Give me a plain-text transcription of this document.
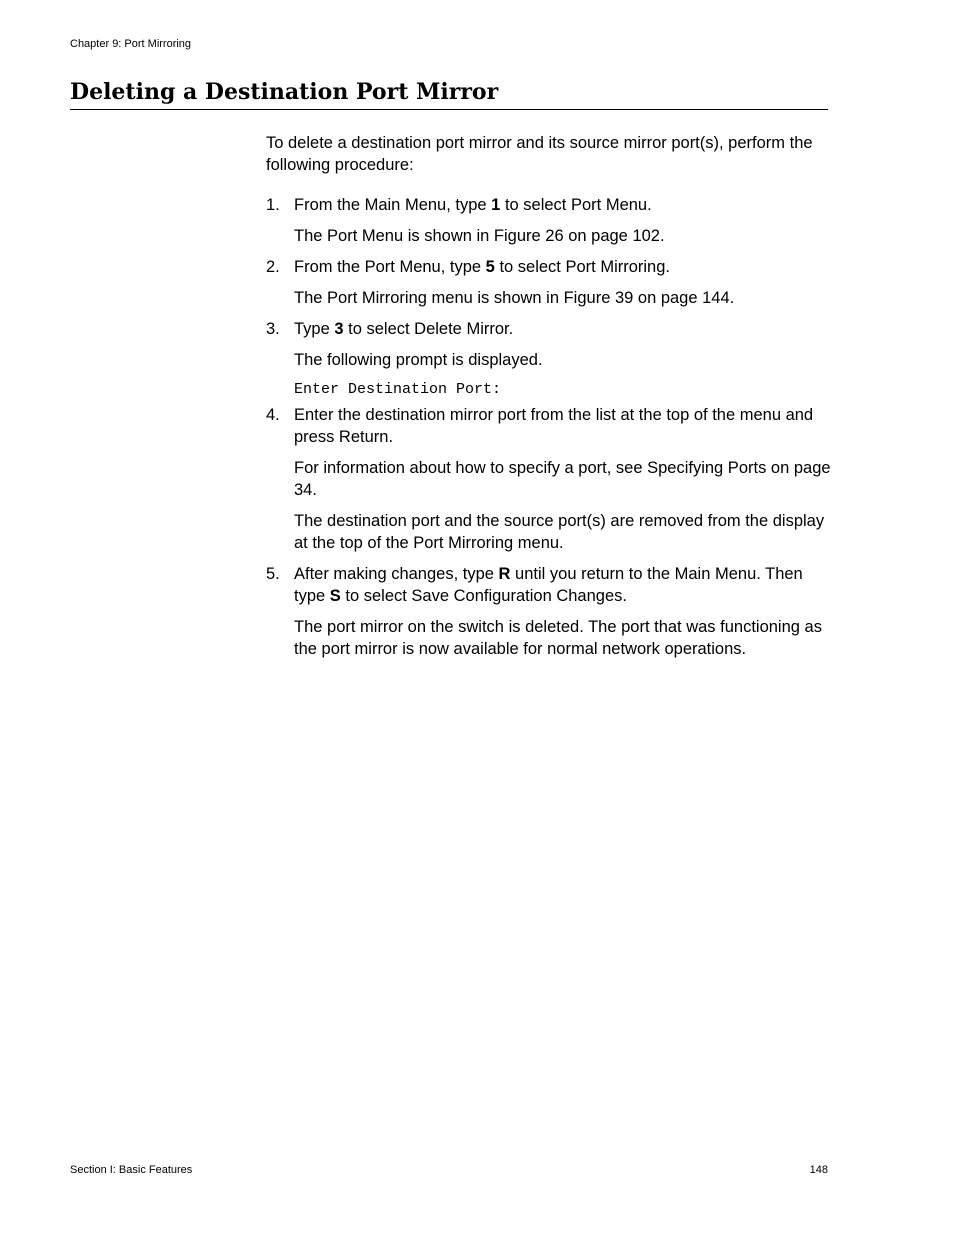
Chapter 9: Port Mirroring
Deleting a Destination Port Mirror

To delete a destination port mirror and its source mirror port(s), perform the following procedure:

1. From the Main Menu, type 1 to select Port Menu.

The Port Menu is shown in Figure 26 on page 102.

2. From the Port Menu, type 5 to select Port Mirroring.

The Port Mirroring menu is shown in Figure 39 on page 144.

3. Type 3 to select Delete Mirror.

The following prompt is displayed.

Enter Destination Port:
4. Enter the destination mirror port from the list at the top of the menu and press Return.

For information about how to specify a port, see Specifying Ports on page 34.

The destination port and the source port(s) are removed from the display at the top of the Port Mirroring menu.

5. After making changes, type R until you return to the Main Menu. Then type S to select Save Configuration Changes.

The port mirror on the switch is deleted. The port that was functioning as the port mirror is now available for normal network operations.

Section I: Basic Features	148
